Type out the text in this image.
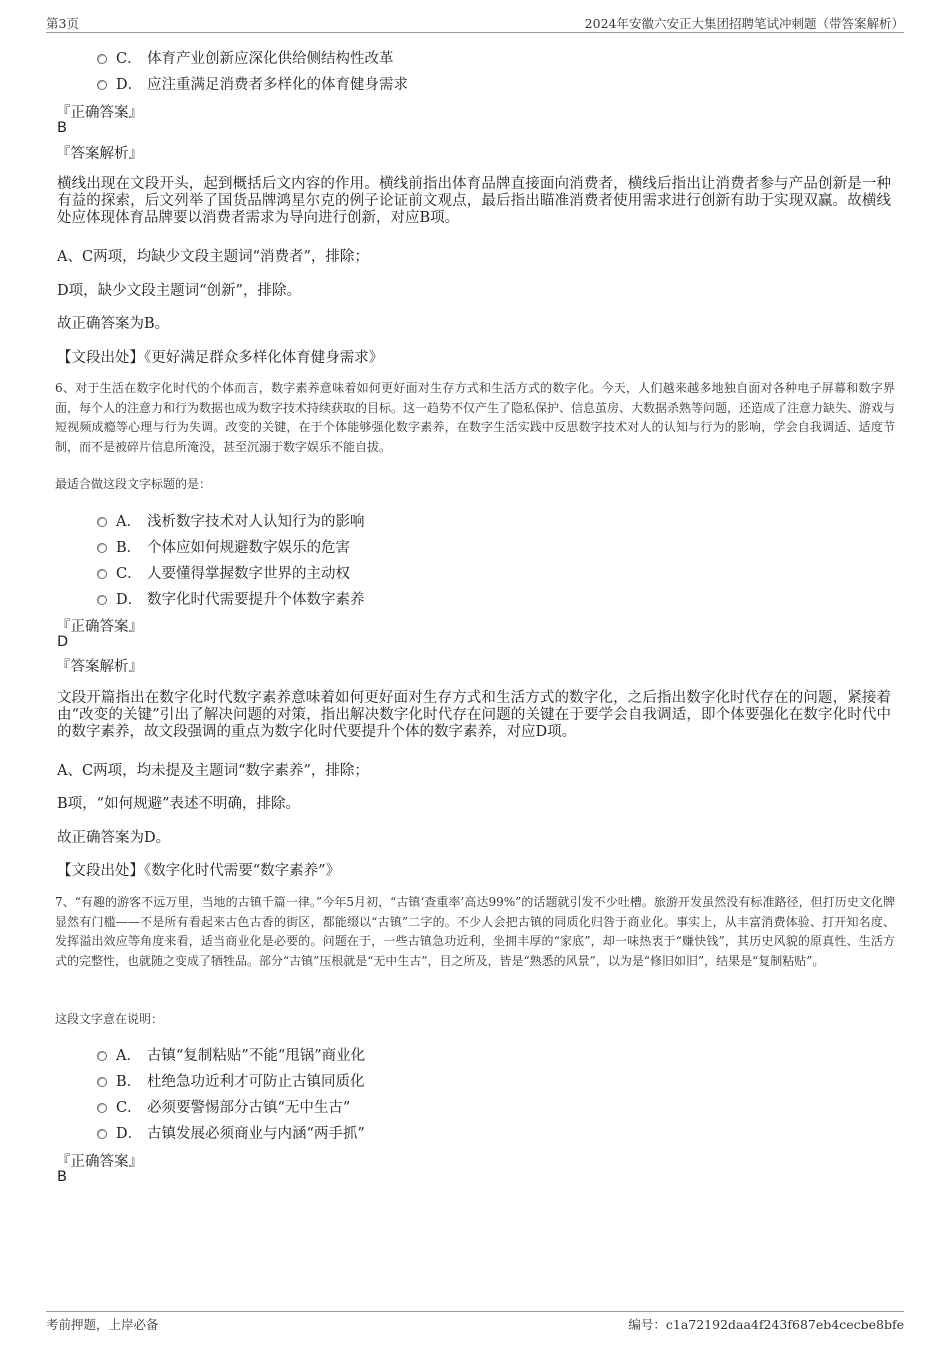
第3页	2024年安徽六安正大集团招聘笔试冲刺题（带答案解析）
C． 体育产业创新应深化供给侧结构性改革
D． 应注重满足消费者多样化的体育健身需求
『正确答案』
B
『答案解析』
横线出现在文段开头，起到概括后文内容的作用。横线前指出体育品牌直接面向消费者，横线后指出让消费者参与产品创新是一种有益的探索，后文列举了国货品牌鸿星尔克的例子论证前文观点，最后指出瞄准消费者使用需求进行创新有助于实现双赢。故横线处应体现体育品牌要以消费者需求为导向进行创新，对应B项。
A、C两项，均缺少文段主题词“消费者”，排除；
D项，缺少文段主题词“创新”，排除。
故正确答案为B。
【文段出处】《更好满足群众多样化体育健身需求》
6、对于生活在数字化时代的个体而言，数字素养意味着如何更好面对生存方式和生活方式的数字化。今天，人们越来越多地独自面对各种电子屏幕和数字界面，每个人的注意力和行为数据也成为数字技术持续获取的目标。这一趋势不仅产生了隐私保护、信息茧房、大数据杀熟等问题，还造成了注意力缺失、游戏与短视频成瘾等心理与行为失调。改变的关键，在于个体能够强化数字素养，在数字生活实践中反思数字技术对人的认知与行为的影响，学会自我调适、适度节制，而不是被碎片信息所淹没，甚至沉溺于数字娱乐不能自拔。
最适合做这段文字标题的是：
A． 浅析数字技术对人认知行为的影响
B． 个体应如何规避数字娱乐的危害
C． 人要懂得掌握数字世界的主动权
D． 数字化时代需要提升个体数字素养
『正确答案』
D
『答案解析』
文段开篇指出在数字化时代数字素养意味着如何更好面对生存方式和生活方式的数字化，之后指出数字化时代存在的问题，紧接着由“改变的关键”引出了解决问题的对策，指出解决数字化时代存在问题的关键在于要学会自我调适，即个体要强化在数字化时代中的数字素养，故文段强调的重点为数字化时代要提升个体的数字素养，对应D项。
A、C两项，均未提及主题词“数字素养”，排除；
B项，“如何规避”表述不明确，排除。
故正确答案为D。
【文段出处】《数字化时代需要“数字素养”》
7、“有趣的游客不远万里，当地的古镇千篇一律。”今年5月初，“古镇‘查重率’高达99%”的话题就引发不少吐槽。旅游开发虽然没有标准路径，但打历史文化牌显然有门槛——不是所有看起来古色古香的街区，都能缀以“古镇”二字的。不少人会把古镇的同质化归咎于商业化。事实上，从丰富消费体验、打开知名度、发挥溢出效应等角度来看，适当商业化是必要的。问题在于，一些古镇急功近利，坐拥丰厚的“家底”，却一味热衷于“赚快钱”，其历史风貌的原真性、生活方式的完整性，也就随之变成了牺牲品。部分“古镇”压根就是“无中生古”，目之所及，皆是“熟悉的风景”，以为是“修旧如旧”，结果是“复制粘贴”。
这段文字意在说明：
A． 古镇“复制粘贴”不能“甩锅”商业化
B． 杜绝急功近利才可防止古镇同质化
C． 必须要警惕部分古镇“无中生古”
D． 古镇发展必须商业与内涵“两手抓”
『正确答案』
B
考前押题，上岸必备	编号：c1a72192daa4f243f687eb4cecbe8bfe
